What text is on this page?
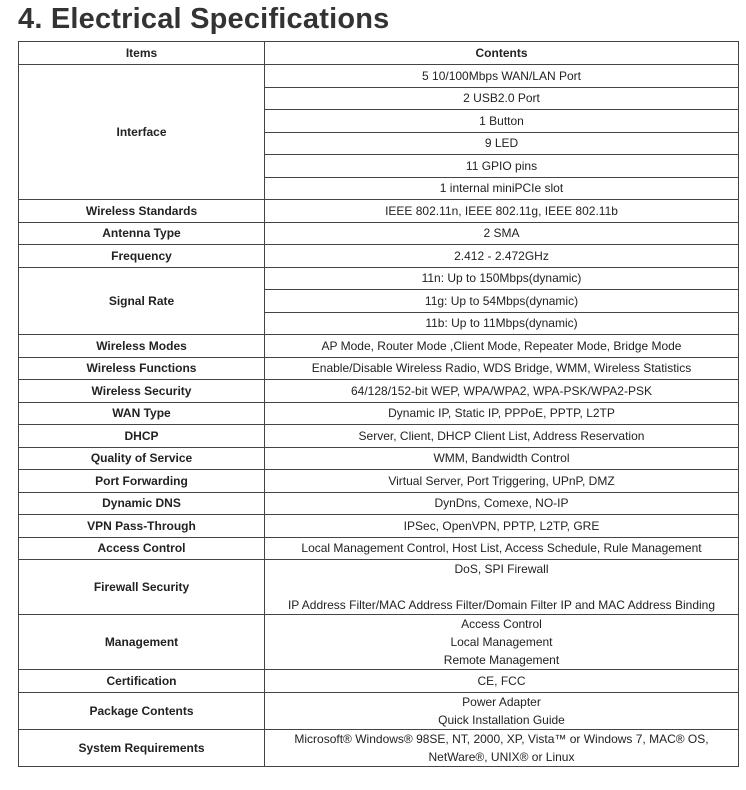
4. Electrical Specifications
Items	Contents
Interface	5 10/100Mbps WAN/LAN Port
	2 USB2.0 Port
	1 Button
	9 LED
	11 GPIO pins
	1 internal miniPCIe slot
Wireless Standards	IEEE 802.11n, IEEE 802.11g, IEEE 802.11b
Antenna Type	2 SMA
Frequency	2.412 - 2.472GHz
Signal Rate	11n: Up to 150Mbps(dynamic)
	11g: Up to 54Mbps(dynamic)
	11b: Up to 11Mbps(dynamic)
Wireless Modes	AP Mode, Router Mode ,Client Mode, Repeater Mode, Bridge Mode
Wireless Functions	Enable/Disable Wireless Radio, WDS Bridge, WMM, Wireless Statistics
Wireless Security	64/128/152-bit WEP, WPA/WPA2, WPA-PSK/WPA2-PSK
WAN Type	Dynamic IP, Static IP, PPPoE, PPTP, L2TP
DHCP	Server, Client, DHCP Client List, Address Reservation
Quality of Service	WMM, Bandwidth Control
Port Forwarding	Virtual Server, Port Triggering, UPnP, DMZ
Dynamic DNS	DynDns, Comexe, NO-IP
VPN Pass-Through	IPSec, OpenVPN, PPTP, L2TP, GRE
Access Control	Local Management Control, Host List, Access Schedule, Rule Management
Firewall Security	DoS, SPI Firewall
IP Address Filter/MAC Address Filter/Domain Filter IP and MAC Address Binding

Management	Access Control
Local Management
Remote Management

Certification	CE, FCC
Package Contents	Power Adapter
Quick Installation Guide

System Requirements	Microsoft® Windows® 98SE, NT, 2000, XP, Vista™ or Windows 7, MAC® OS,
NetWare®, UNIX® or Linux
